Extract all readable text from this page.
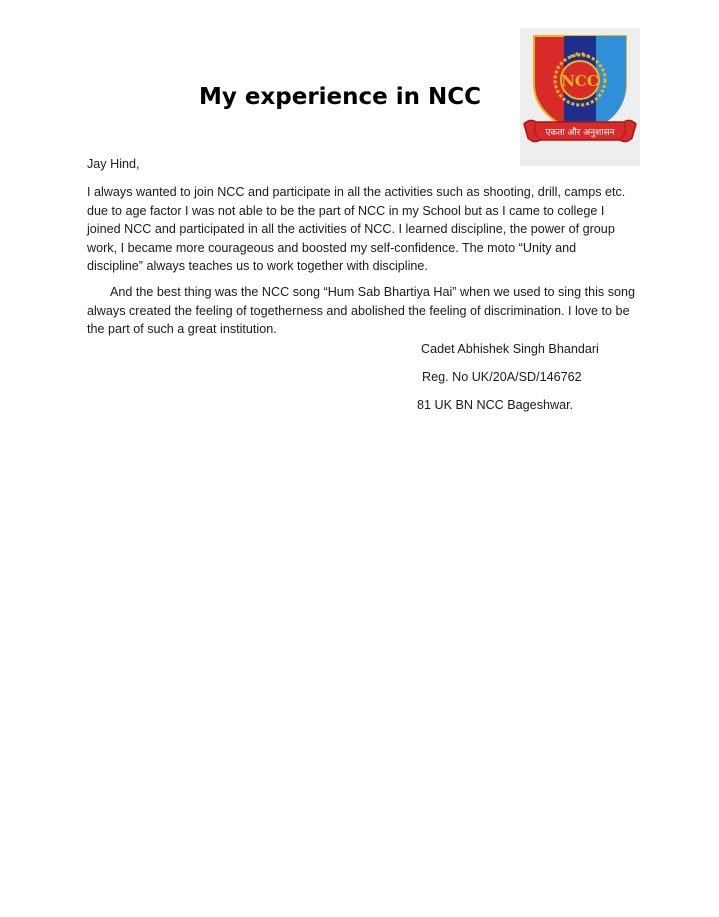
My experience in NCC
NCC
एकता और अनुशासन

Jay Hind,

I always wanted to join NCC and participate in all the activities such as shooting, drill, camps etc. due to age factor I was not able to be the part of NCC in my School but as I came to college I joined NCC and participated in all the activities of NCC. I learned discipline, the power of group work, I became more courageous and boosted my self-confidence. The moto “Unity and discipline” always teaches us to work together with discipline.

And the best thing was the NCC song “Hum Sab Bhartiya Hai” when we used to sing this song always created the feeling of togetherness and abolished the feeling of discrimination. I love to be the part of such a great institution.

Cadet Abhishek Singh Bhandari
Reg. No UK/20A/SD/146762
81 UK BN NCC Bageshwar.
